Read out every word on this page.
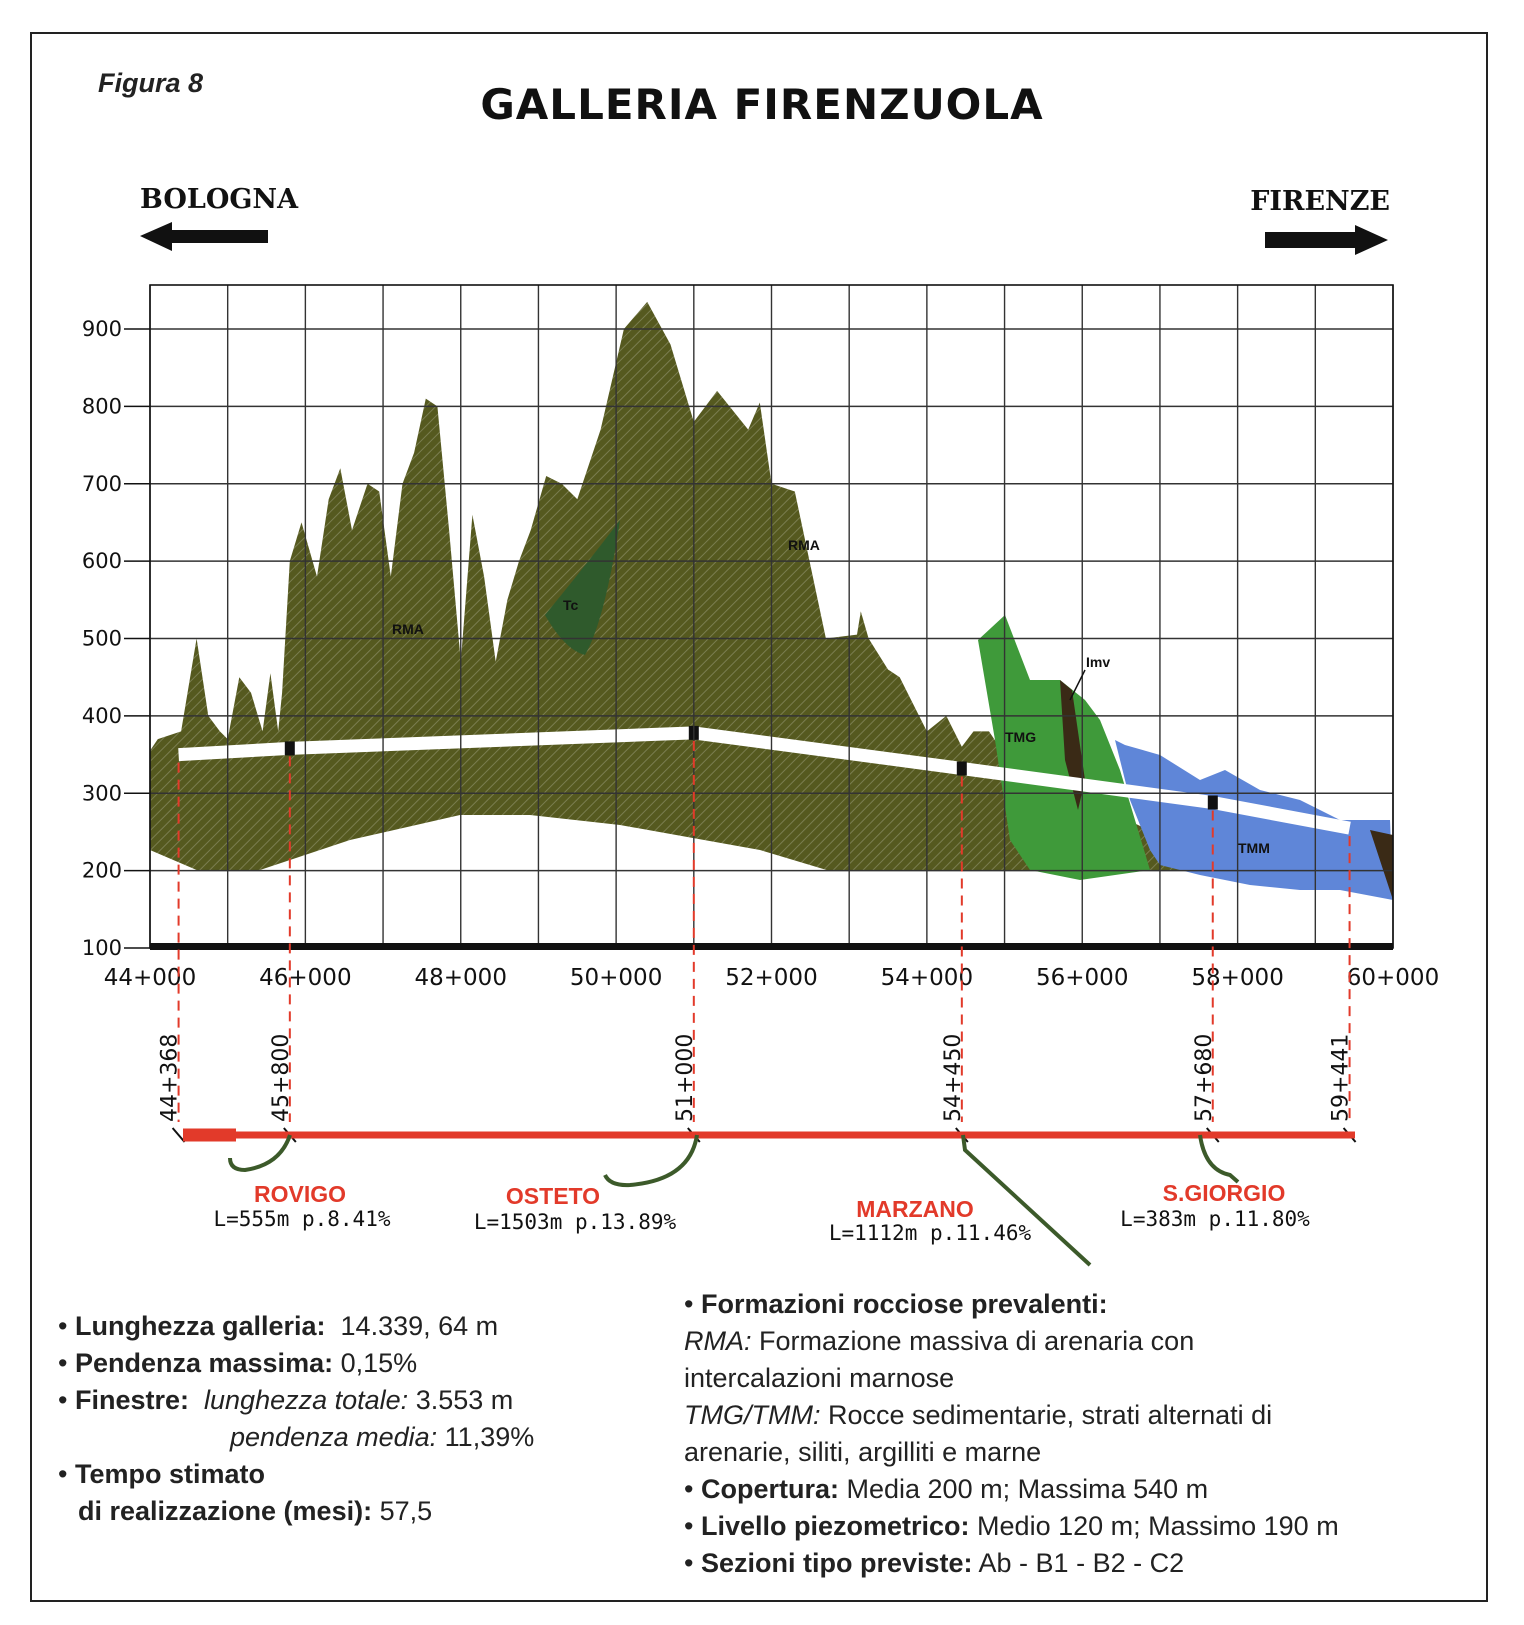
Figura 8	GALLERIA FIRENZUOLA
BOLOGNA	FIRENZE
100
200
300
400
500
600
700
800
900
44+000	46+000	48+000	50+000	52+000	54+000	56+000	58+000	60+000
RMA
RMA
Tc
TMG
Imv
TMM
44+368	45+800	51+000	54+450	57+680	59+441
ROVIGO	OSTETO	MARZANO
S.GIORGIO
L=555m p.8.41%	L=1503m p.13.89%	L=1112m p.11.46%
L=383m p.11.80%
• Lunghezza galleria: 14.339, 64 m
• Pendenza massima: 0,15%
• Finestre: lunghezza totale: 3.553 m
pendenza media: 11,39%
• Tempo stimato
di realizzazione (mesi): 57,5
• Formazioni rocciose prevalenti:
RMA: Formazione massiva di arenaria con
intercalazioni marnose
TMG/TMM: Rocce sedimentarie, strati alternati di
arenarie, siliti, argilliti e marne
• Copertura: Media 200 m; Massima 540 m
• Livello piezometrico: Medio 120 m; Massimo 190 m
• Sezioni tipo previste: Ab - B1 - B2 - C2
